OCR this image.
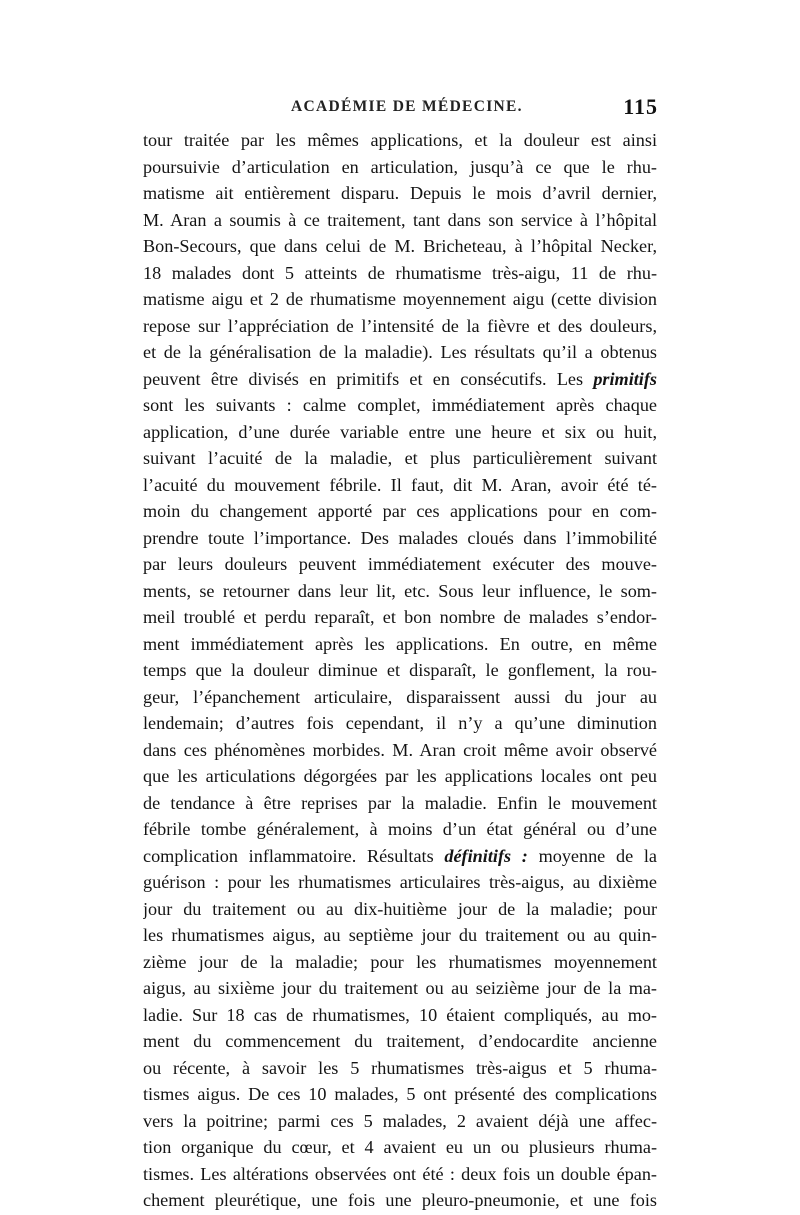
ACADÉMIE DE MÉDECINE.	115
tour traitée par les mêmes applications, et la douleur est ainsi
poursuivie d’articulation en articulation, jusqu’à ce que le rhu-
matisme ait entièrement disparu. Depuis le mois d’avril dernier,
M. Aran a soumis à ce traitement, tant dans son service à l’hôpital
Bon-Secours, que dans celui de M. Bricheteau, à l’hôpital Necker,
18 malades dont 5 atteints de rhumatisme très-aigu, 11 de rhu-
matisme aigu et 2 de rhumatisme moyennement aigu (cette division
repose sur l’appréciation de l’intensité de la fièvre et des douleurs,
et de la généralisation de la maladie). Les résultats qu’il a obtenus
peuvent être divisés en primitifs et en consécutifs. Les primitifs
sont les suivants : calme complet, immédiatement après chaque
application, d’une durée variable entre une heure et six ou huit,
suivant l’acuité de la maladie, et plus particulièrement suivant
l’acuité du mouvement fébrile. Il faut, dit M. Aran, avoir été té-
moin du changement apporté par ces applications pour en com-
prendre toute l’importance. Des malades cloués dans l’immobilité
par leurs douleurs peuvent immédiatement exécuter des mouve-
ments, se retourner dans leur lit, etc. Sous leur influence, le som-
meil troublé et perdu reparaît, et bon nombre de malades s’endor-
ment immédiatement après les applications. En outre, en même
temps que la douleur diminue et disparaît, le gonflement, la rou-
geur, l’épanchement articulaire, disparaissent aussi du jour au
lendemain; d’autres fois cependant, il n’y a qu’une diminution
dans ces phénomènes morbides. M. Aran croit même avoir observé
que les articulations dégorgées par les applications locales ont peu
de tendance à être reprises par la maladie. Enfin le mouvement
fébrile tombe généralement, à moins d’un état général ou d’une
complication inflammatoire. Résultats définitifs : moyenne de la
guérison : pour les rhumatismes articulaires très-aigus, au dixième
jour du traitement ou au dix-huitième jour de la maladie; pour
les rhumatismes aigus, au septième jour du traitement ou au quin-
zième jour de la maladie; pour les rhumatismes moyennement
aigus, au sixième jour du traitement ou au seizième jour de la ma-
ladie. Sur 18 cas de rhumatismes, 10 étaient compliqués, au mo-
ment du commencement du traitement, d’endocardite ancienne
ou récente, à savoir les 5 rhumatismes très-aigus et 5 rhuma-
tismes aigus. De ces 10 malades, 5 ont présenté des complications
vers la poitrine; parmi ces 5 malades, 2 avaient déjà une affec-
tion organique du cœur, et 4 avaient eu un ou plusieurs rhuma-
tismes. Les altérations observées ont été : deux fois un double épan-
chement pleurétique, une fois une pleuro-pneumonie, et une fois
